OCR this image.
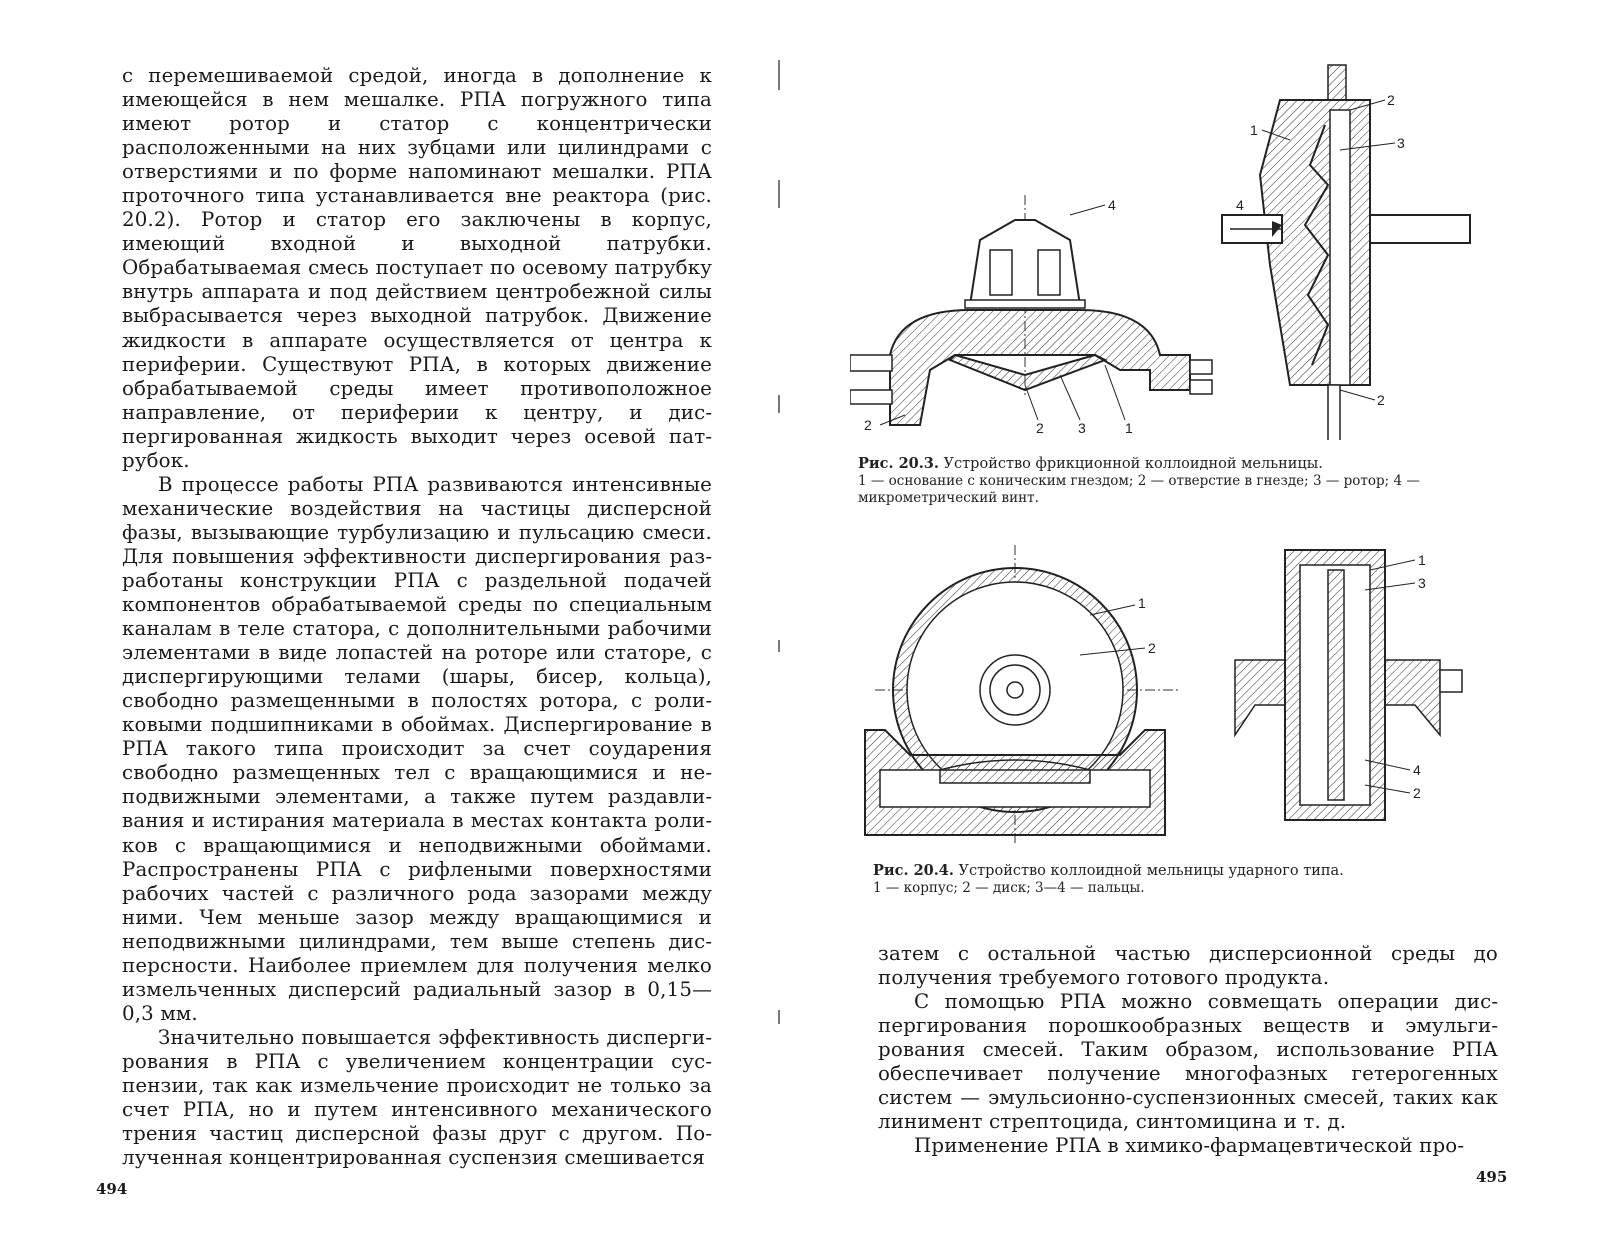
с перемешиваемой средой, иногда в дополнение к имеющейся в нем мешалке. РПА погружного типа имеют ротор и статор с концентрически расположенными на них зубцами или цилиндрами с отверстиями и по форме напоминают мешалки. РПА проточного типа устанавливается вне реактора (рис. 20.2). Ротор и статор его заключены в корпус, имеющий входной и выходной патрубки. Обрабатываемая смесь поступает по осевому патрубку внутрь аппарата и под действием центробежной силы выбрасывается через выходной патрубок. Движение жидкости в аппарате осуществляется от центра к периферии. Существуют РПА, в которых движение обрабатываемой среды имеет противоположное направление, от периферии к центру, и диспергированная жидкость выходит через осевой патрубок.

В процессе работы РПА развиваются интенсивные механические воздействия на частицы дисперсной фазы, вызывающие турбулизацию и пульсацию смеси. Для повышения эффективности диспергирования разработаны конструкции РПА с раздельной подачей компонентов обрабатываемой среды по специальным каналам в теле статора, с дополнительными рабочими элементами в виде лопастей на роторе или статоре, с диспергирующими телами (шары, бисер, кольца), свободно размещенными в полостях ротора, с роликовыми подшипниками в обоймах. Диспергирование в РПА такого типа происходит за счет соударения свободно размещенных тел с вращающимися и неподвижными элементами, а также путем раздавливания и истирания материала в местах контакта роликов с вращающимися и неподвижными обоймами. Распространены РПА с рифлеными поверхностями рабочих частей с различного рода зазорами между ними. Чем меньше зазор между вращающимися и неподвижными цилиндрами, тем выше степень дисперсности. Наиболее приемлем для получения мелко измельченных дисперсий радиальный зазор в 0,15—0,3 мм.

Значительно повышается эффективность диспергирования в РПА с увеличением концентрации суспензии, так как измельчение происходит не только за счет РПА, но и путем интенсивного механического трения частиц дисперсной фазы друг с другом. Полученная концентрированная суспензия смешивается

494
4
2 3	1
2
1
2
3
4
2
Рис. 20.3. Устройство фрикционной коллоидной мельницы.
1 — основание с коническим гнездом; 2 — отверстие в гнезде; 3 — ротор; 4 — микрометрический винт.
1
2
1
3
4
2
Рис. 20.4. Устройство коллоидной мельницы ударного типа.
1 — корпус; 2 — диск; 3—4 — пальцы.

затем с остальной частью дисперсионной среды до получения требуемого готового продукта.

С помощью РПА можно совмещать операции диспергирования порошкообразных веществ и эмульгирования смесей. Таким образом, использование РПА обеспечивает получение многофазных гетерогенных систем — эмульсионно-суспензионных смесей, таких как линимент стрептоцида, синтомицина и т. д.

Применение РПА в химико-фармацевтической про-

495
